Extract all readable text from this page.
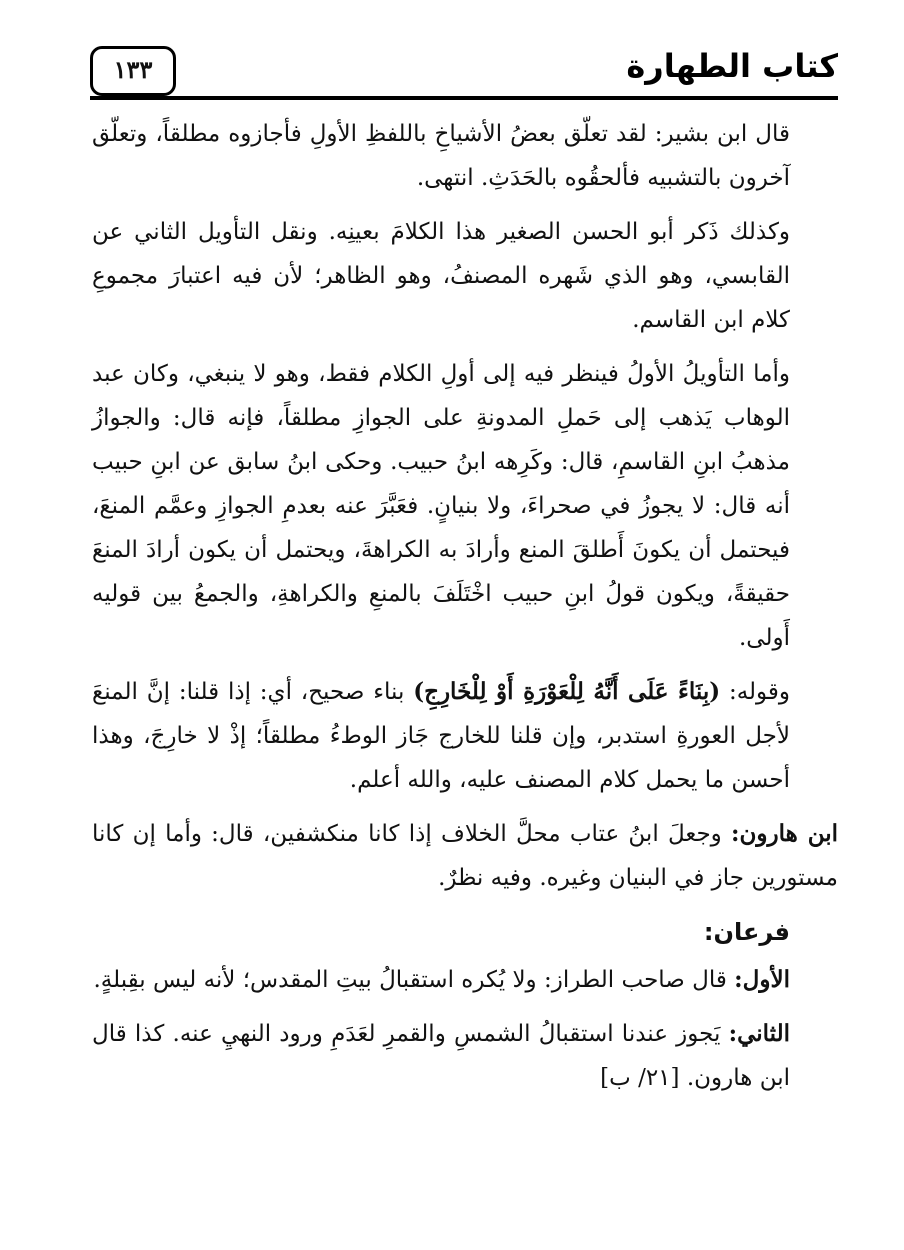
كتاب الطهارة
١٣٣

قال ابن بشير: لقد تعلّق بعضُ الأشياخِ باللفظِ الأولِ فأجازوه مطلقاً، وتعلّق آخرون بالتشبيه فألحقُوه بالحَدَثِ. انتهى.

وكذلك ذَكر أبو الحسن الصغير هذا الكلامَ بعينِه. ونقل التأويل الثاني عن القابسي، وهو الذي شَهره المصنفُ، وهو الظاهر؛ لأن فيه اعتبارَ مجموعِ كلام ابن القاسم.

وأما التأويلُ الأولُ فينظر فيه إلى أولِ الكلام فقط، وهو لا ينبغي، وكان عبد الوهاب يَذهب إلى حَملِ المدونةِ على الجوازِ مطلقاً، فإنه قال: والجوازُ مذهبُ ابنِ القاسمِ، قال: وكَرِهه ابنُ حبيب. وحكى ابنُ سابق عن ابنِ حبيب أنه قال: لا يجوزُ في صحراءَ، ولا بنيانٍ. فعَبَّرَ عنه بعدمِ الجوازِ وعمَّم المنعَ، فيحتمل أن يكونَ أَطلقَ المنع وأرادَ به الكراهةَ، ويحتمل أن يكون أرادَ المنعَ حقيقةً، ويكون قولُ ابنِ حبيب اخْتَلَفَ بالمنعِ والكراهةِ، والجمعُ بين قوليه أَولى.

وقوله: (بِنَاءً عَلَى أَنَّهُ لِلْعَوْرَةِ أَوْ لِلْخَارِجِ) بناء صحيح، أي: إذا قلنا: إنَّ المنعَ لأجل العورةِ استدبر، وإن قلنا للخارج جَاز الوطءُ مطلقاً؛ إذْ لا خارِجَ، وهذا أحسن ما يحمل كلام المصنف عليه، والله أعلم.

ابن هارون: وجعلَ ابنُ عتاب محلَّ الخلاف إذا كانا منكشفين، قال: وأما إن كانا مستورين جاز في البنيان وغيره. وفيه نظرٌ.

فرعان:

الأول: قال صاحب الطراز: ولا يُكره استقبالُ بيتِ المقدس؛ لأنه ليس بقِبلةٍ.

الثاني: يَجوز عندنا استقبالُ الشمسِ والقمرِ لعَدَمِ ورود النهيِ عنه. كذا قال ابن هارون. [٢١/ ب]
